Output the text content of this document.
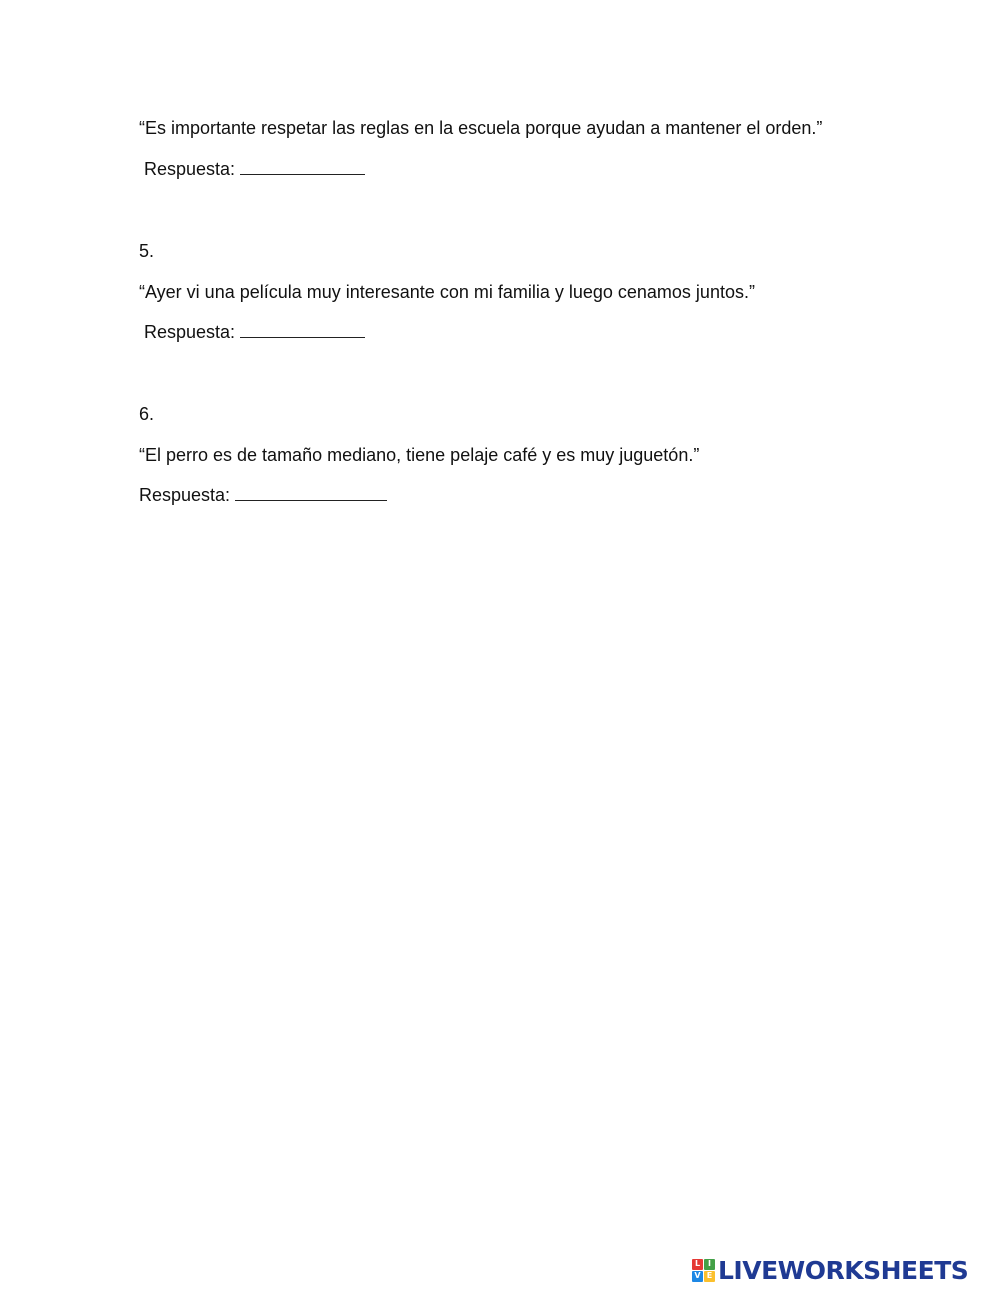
“Es importante respetar las reglas en la escuela porque ayudan a mantener el orden.”

Respuesta:

5.

“Ayer vi una película muy interesante con mi familia y luego cenamos juntos.”

Respuesta:

6.

“El perro es de tamaño mediano, tiene pelaje café y es muy juguetón.”

Respuesta:
L I
V E LIVEWORKSHEETS
